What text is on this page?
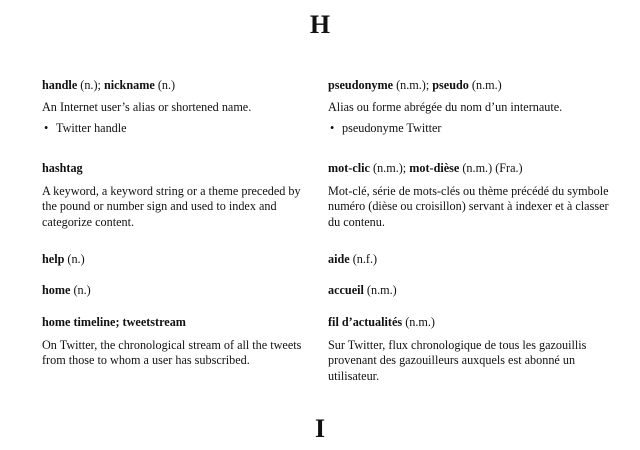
H

handle (n.); nickname (n.)

An Internet user’s alias or shortened name.

• Twitter handle

hashtag

A keyword, a keyword string or a theme preceded by the pound or number sign and used to index and categorize content.

help (n.)

home (n.)

home timeline; tweetstream

On Twitter, the chronological stream of all the tweets from those to whom a user has subscribed.

pseudonyme (n.m.); pseudo (n.m.)

Alias ou forme abrégée du nom d’un internaute.

• pseudonyme Twitter

mot-clic (n.m.); mot-dièse (n.m.) (Fra.)

Mot-clé, série de mots-clés ou thème précédé du symbole numéro (dièse ou croisillon) servant à indexer et à classer du contenu.

aide (n.f.)

accueil (n.m.)

fil d’actualités (n.m.)

Sur Twitter, flux chronologique de tous les gazouillis provenant des gazouilleurs auxquels est abonné un utilisateur.

I
